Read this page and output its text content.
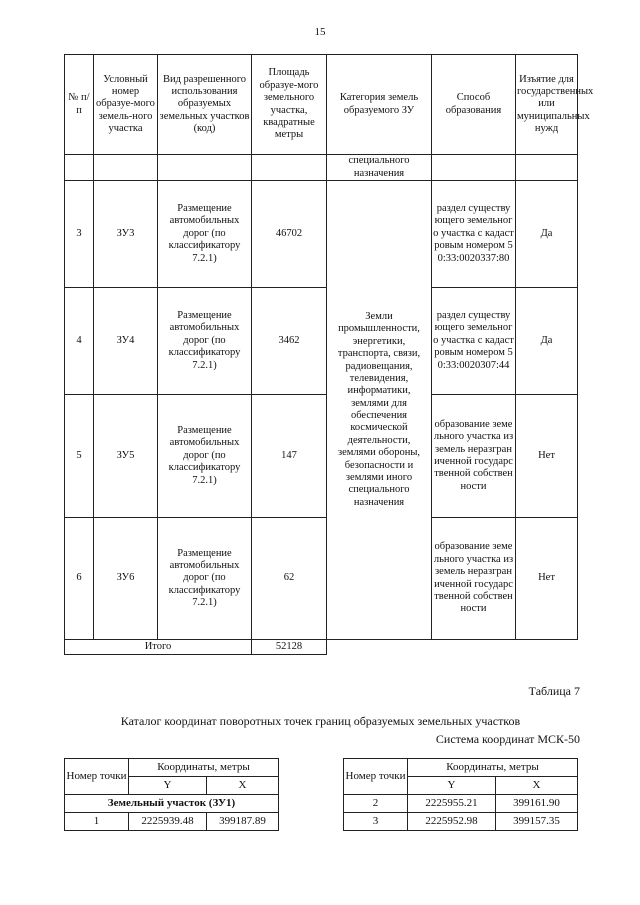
15
№ п/п	Условный номер образуе-мого земель-ного участка	Вид разрешенного использования образуемых земельных участков (код)	Площадь образуе-мого земельного участка, квадратные метры	Категория земель образуемого ЗУ	Способ образования	Изъятие для государственных или муниципальных нужд
				специального назначения		
3	ЗУ3	Размещение автомобильных дорог (по классификатору 7.2.1)	46702	Земли промышленности, энергетики, транспорта, связи, радиовещания, телевидения, информатики, землями для обеспечения космической деятельности, землями обороны, безопасности и землями иного специального назначения	раздел существующего земельного участка с кадастровым номером 50:33:0020337:80	Да
4	ЗУ4	Размещение автомобильных дорог (по классификатору 7.2.1)	3462		раздел существующего земельного участка с кадастровым номером 50:33:0020307:44	Да
5	ЗУ5	Размещение автомобильных дорог (по классификатору 7.2.1)	147		образование земельного участка из земель неразграниченной государственной собственности	Нет
6	ЗУ6	Размещение автомобильных дорог (по классификатору 7.2.1)	62		образование земельного участка из земель неразграниченной государственной собственности	Нет
Итого			52128			
Таблица 7
Каталог координат поворотных точек границ образуемых земельных участков
Система координат МСК-50
Номер точки	Координаты, метры	
	Y	X
Земельный участок (ЗУ1)		
1	2225939.48	399187.89
Номер точки	Координаты, метры	
	Y	X
2	2225955.21	399161.90
3	2225952.98	399157.35
